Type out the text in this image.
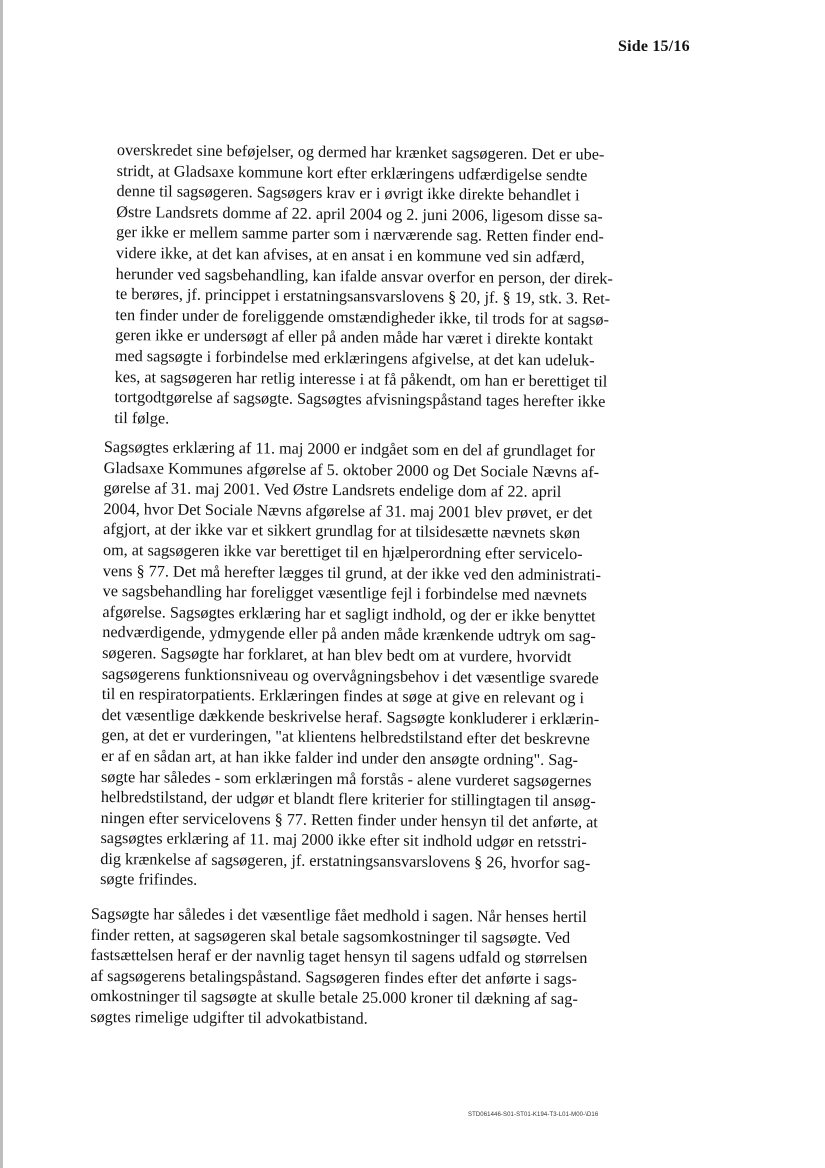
Side 15/16
overskredet sine beføjelser, og dermed har krænket sagsøgeren. Det er ube-
stridt, at Gladsaxe kommune kort efter erklæringens udfærdigelse sendte
denne til sagsøgeren. Sagsøgers krav er i øvrigt ikke direkte behandlet i
Østre Landsrets domme af 22. april 2004 og 2. juni 2006, ligesom disse sa-
ger ikke er mellem samme parter som i nærværende sag. Retten finder end-
videre ikke, at det kan afvises, at en ansat i en kommune ved sin adfærd,
herunder ved sagsbehandling, kan ifalde ansvar overfor en person, der direk-
te berøres, jf. princippet i erstatningsansvarslovens § 20, jf. § 19, stk. 3. Ret-
ten finder under de foreliggende omstændigheder ikke, til trods for at sagsø-
geren ikke er undersøgt af eller på anden måde har været i direkte kontakt
med sagsøgte i forbindelse med erklæringens afgivelse, at det kan udeluk-
kes, at sagsøgeren har retlig interesse i at få påkendt, om han er berettiget til
tortgodtgørelse af sagsøgte. Sagsøgtes afvisningspåstand tages herefter ikke
til følge.
Sagsøgtes erklæring af 11. maj 2000 er indgået som en del af grundlaget for
Gladsaxe Kommunes afgørelse af 5. oktober 2000 og Det Sociale Nævns af-
gørelse af 31. maj 2001. Ved Østre Landsrets endelige dom af 22. april
2004, hvor Det Sociale Nævns afgørelse af 31. maj 2001 blev prøvet, er det
afgjort, at der ikke var et sikkert grundlag for at tilsidesætte nævnets skøn
om, at sagsøgeren ikke var berettiget til en hjælperordning efter servicelo-
vens § 77. Det må herefter lægges til grund, at der ikke ved den administrati-
ve sagsbehandling har foreligget væsentlige fejl i forbindelse med nævnets
afgørelse. Sagsøgtes erklæring har et sagligt indhold, og der er ikke benyttet
nedværdigende, ydmygende eller på anden måde krænkende udtryk om sag-
søgeren. Sagsøgte har forklaret, at han blev bedt om at vurdere, hvorvidt
sagsøgerens funktionsniveau og overvågningsbehov i det væsentlige svarede
til en respiratorpatients. Erklæringen findes at søge at give en relevant og i
det væsentlige dækkende beskrivelse heraf. Sagsøgte konkluderer i erklærin-
gen, at det er vurderingen, "at klientens helbredstilstand efter det beskrevne
er af en sådan art, at han ikke falder ind under den ansøgte ordning". Sag-
søgte har således - som erklæringen må forstås - alene vurderet sagsøgernes
helbredstilstand, der udgør et blandt flere kriterier for stillingtagen til ansøg-
ningen efter servicelovens § 77. Retten finder under hensyn til det anførte, at
sagsøgtes erklæring af 11. maj 2000 ikke efter sit indhold udgør en retsstri-
dig krænkelse af sagsøgeren, jf. erstatningsansvarslovens § 26, hvorfor sag-
søgte frifindes.
Sagsøgte har således i det væsentlige fået medhold i sagen. Når henses hertil
finder retten, at sagsøgeren skal betale sagsomkostninger til sagsøgte. Ved
fastsættelsen heraf er der navnlig taget hensyn til sagens udfald og størrelsen
af sagsøgerens betalingspåstand. Sagsøgeren findes efter det anførte i sags-
omkostninger til sagsøgte at skulle betale 25.000 kroner til dækning af sag-
søgtes rimelige udgifter til advokatbistand.
STD061446-S01-ST01-K194-T3-L01-M00-\D16
